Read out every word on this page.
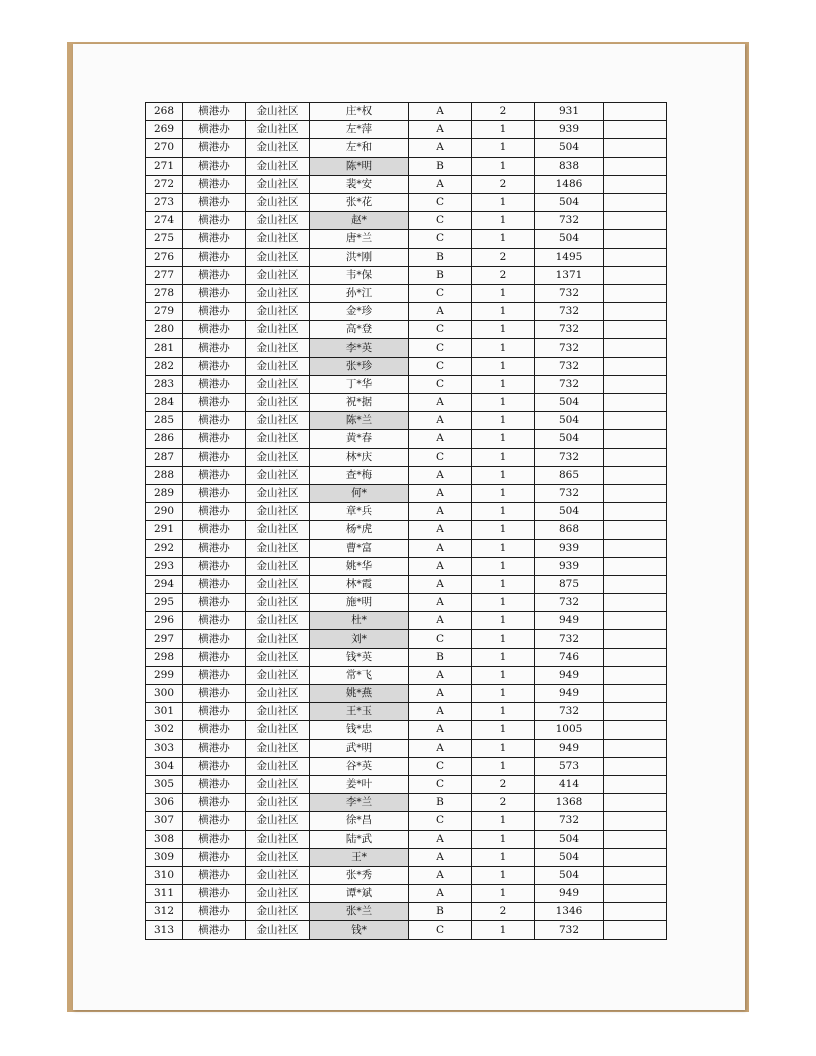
268	横港办	金山社区	庄*权	A	2	931	
269	横港办	金山社区	左*萍	A	1	939	
270	横港办	金山社区	左*和	A	1	504	
271	横港办	金山社区	陈*明	B	1	838	
272	横港办	金山社区	裴*安	A	2	1486	
273	横港办	金山社区	张*花	C	1	504	
274	横港办	金山社区	赵*	C	1	732	
275	横港办	金山社区	唐*兰	C	1	504	
276	横港办	金山社区	洪*刚	B	2	1495	
277	横港办	金山社区	韦*保	B	2	1371	
278	横港办	金山社区	孙*江	C	1	732	
279	横港办	金山社区	金*珍	A	1	732	
280	横港办	金山社区	高*登	C	1	732	
281	横港办	金山社区	李*英	C	1	732	
282	横港办	金山社区	张*珍	C	1	732	
283	横港办	金山社区	丁*华	C	1	732	
284	横港办	金山社区	祝*据	A	1	504	
285	横港办	金山社区	陈*兰	A	1	504	
286	横港办	金山社区	黄*春	A	1	504	
287	横港办	金山社区	林*庆	C	1	732	
288	横港办	金山社区	查*梅	A	1	865	
289	横港办	金山社区	何*	A	1	732	
290	横港办	金山社区	章*兵	A	1	504	
291	横港办	金山社区	杨*虎	A	1	868	
292	横港办	金山社区	曹*富	A	1	939	
293	横港办	金山社区	姚*华	A	1	939	
294	横港办	金山社区	林*霞	A	1	875	
295	横港办	金山社区	施*明	A	1	732	
296	横港办	金山社区	杜*	A	1	949	
297	横港办	金山社区	刘*	C	1	732	
298	横港办	金山社区	钱*英	B	1	746	
299	横港办	金山社区	常*飞	A	1	949	
300	横港办	金山社区	姚*燕	A	1	949	
301	横港办	金山社区	王*玉	A	1	732	
302	横港办	金山社区	钱*忠	A	1	1005	
303	横港办	金山社区	武*明	A	1	949	
304	横港办	金山社区	谷*英	C	1	573	
305	横港办	金山社区	姜*叶	C	2	414	
306	横港办	金山社区	李*兰	B	2	1368	
307	横港办	金山社区	徐*昌	C	1	732	
308	横港办	金山社区	陆*武	A	1	504	
309	横港办	金山社区	王*	A	1	504	
310	横港办	金山社区	张*秀	A	1	504	
311	横港办	金山社区	谭*斌	A	1	949	
312	横港办	金山社区	张*兰	B	2	1346	
313	横港办	金山社区	钱*	C	1	732	
